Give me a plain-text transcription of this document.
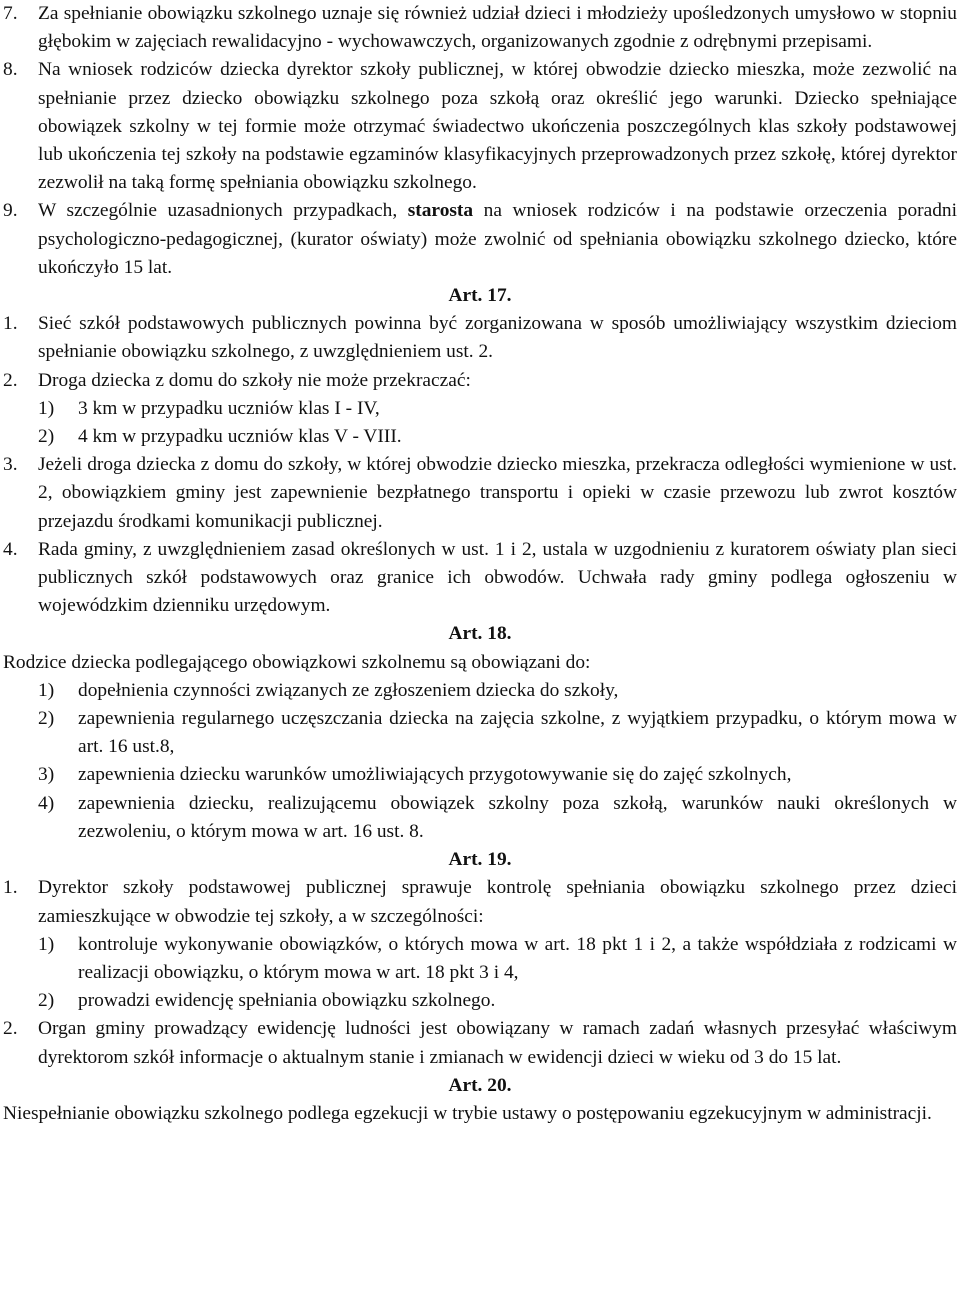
7.	Za spełnianie obowiązku szkolnego uznaje się również udział dzieci i młodzieży upośledzonych umysłowo w stopniu głębokim w zajęciach rewalidacyjno - wychowawczych, organizowanych zgodnie z odrębnymi przepisami.
8.	Na wniosek rodziców dziecka dyrektor szkoły publicznej, w której obwodzie dziecko mieszka, może zezwolić na spełnianie przez dziecko obowiązku szkolnego poza szkołą oraz określić jego warunki. Dziecko spełniające obowiązek szkolny w tej formie może otrzymać świadectwo ukończenia poszczególnych klas szkoły podstawowej lub ukończenia tej szkoły na podstawie egzaminów klasyfikacyjnych przeprowadzonych przez szkołę, której dyrektor zezwolił na taką formę spełniania obowiązku szkolnego.
9.	W szczególnie uzasadnionych przypadkach, starosta na wniosek rodziców i na podstawie orzeczenia poradni psychologiczno-pedagogicznej, (kurator oświaty) może zwolnić od spełniania obowiązku szkolnego dziecko, które ukończyło 15 lat.
Art. 17.
1.	Sieć szkół podstawowych publicznych powinna być zorganizowana w sposób umożliwiający wszystkim dzieciom spełnianie obowiązku szkolnego, z uwzględnieniem ust. 2.
2.	Droga dziecka z domu do szkoły nie może przekraczać:
1)	3 km w przypadku uczniów klas I - IV,
2)	4 km w przypadku uczniów klas V - VIII.
3.	Jeżeli droga dziecka z domu do szkoły, w której obwodzie dziecko mieszka, przekracza odległości wymienione w ust. 2, obowiązkiem gminy jest zapewnienie bezpłatnego transportu i opieki w czasie przewozu lub zwrot kosztów przejazdu środkami komunikacji publicznej.
4.	Rada gminy, z uwzględnieniem zasad określonych w ust. 1 i 2, ustala w uzgodnieniu z kuratorem oświaty plan sieci publicznych szkół podstawowych oraz granice ich obwodów. Uchwała rady gminy podlega ogłoszeniu w wojewódzkim dzienniku urzędowym.
Art. 18.
Rodzice dziecka podlegającego obowiązkowi szkolnemu są obowiązani do:
1)	dopełnienia czynności związanych ze zgłoszeniem dziecka do szkoły,
2)	zapewnienia regularnego uczęszczania dziecka na zajęcia szkolne, z wyjątkiem przypadku, o którym mowa w art. 16 ust.8,
3)	zapewnienia dziecku warunków umożliwiających przygotowywanie się do zajęć szkolnych,
4)	zapewnienia dziecku, realizującemu obowiązek szkolny poza szkołą, warunków nauki określonych w zezwoleniu, o którym mowa w art. 16 ust. 8.
Art. 19.
1.	Dyrektor szkoły podstawowej publicznej sprawuje kontrolę spełniania obowiązku szkolnego przez dzieci zamieszkujące w obwodzie tej szkoły, a w szczególności:
1)	kontroluje wykonywanie obowiązków, o których mowa w art. 18 pkt 1 i 2, a także współdziała z rodzicami w realizacji obowiązku, o którym mowa w art. 18 pkt 3 i 4,
2)	prowadzi ewidencję spełniania obowiązku szkolnego.
2.	Organ gminy prowadzący ewidencję ludności jest obowiązany w ramach zadań własnych przesyłać właściwym dyrektorom szkół informacje o aktualnym stanie i zmianach w ewidencji dzieci w wieku od 3 do 15 lat.
Art. 20.
Niespełnianie obowiązku szkolnego podlega egzekucji w trybie ustawy o postępowaniu egzekucyjnym w administracji.
